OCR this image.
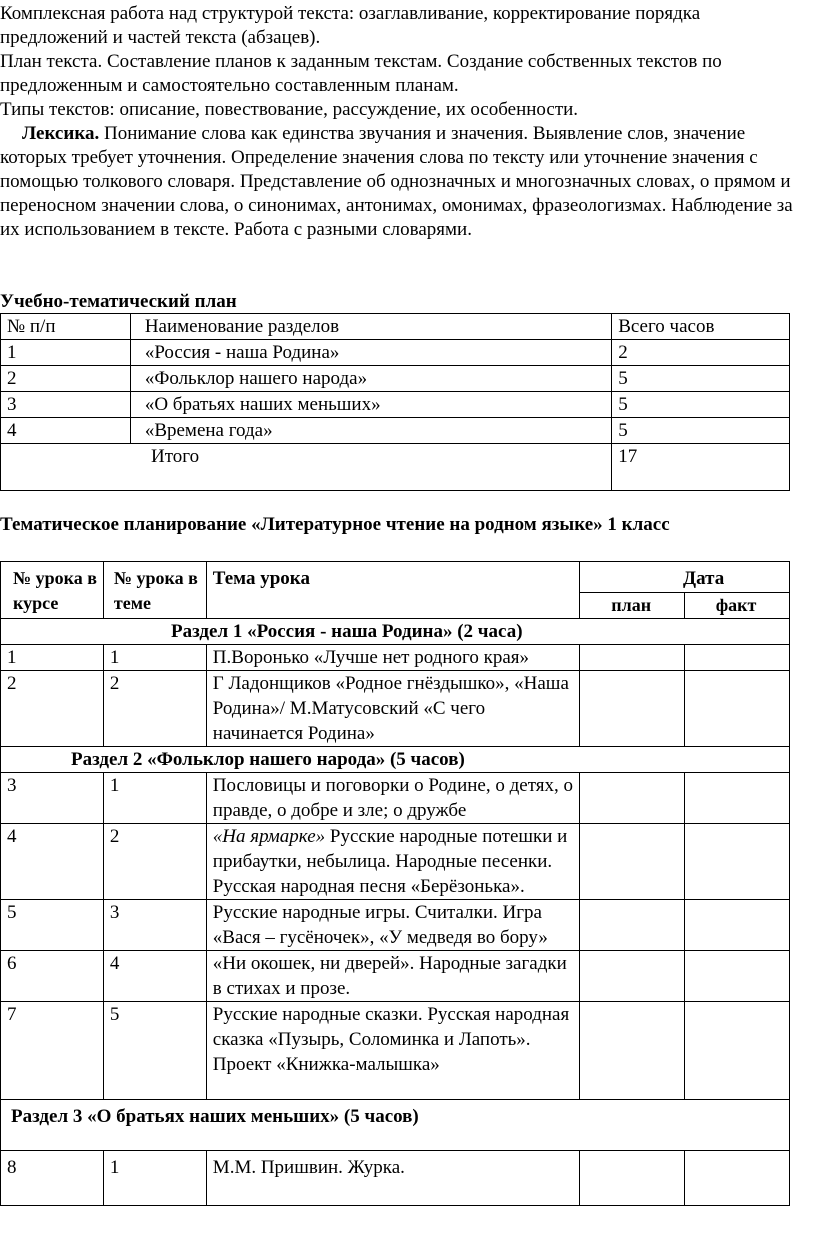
Комплексная работа над структурой текста: озаглавливание, корректирование порядка предложений и частей текста (абзацев).

План текста. Составление планов к заданным текстам. Создание собственных текстов по предложенным и самостоятельно составленным планам.

Типы текстов: описание, повествование, рассуждение, их особенности.

Лексика. Понимание слова как единства звучания и значения. Выявление слов, значение которых требует уточнения. Определение значения слова по тексту или уточнение значения с помощью толкового словаря. Представление об однозначных и многозначных словах, о прямом и переносном значении слова, о синонимах, антонимах, омонимах, фразеологизмах. Наблюдение за их использованием в тексте. Работа с разными словарями.

Учебно-тематический план

№ п/п	Наименование разделов	Всего часов
1	«Россия - наша Родина»	2
2	«Фольклор нашего народа»	5
3	«О братьях наших меньших»	5
4	«Времена года»	5
Итого		17

Тематическое планирование «Литературное чтение на родном языке» 1 класс

№ урока в курсе	№ урока в теме	Тема урока	Дата	
			план	факт
Раздел 1 «Россия - наша Родина» (2 часа)				
1	1	П.Воронько «Лучше нет родного края»		
2	2	Г Ладонщиков «Родное гнёздышко», «Наша Родина»/ М.Матусовский «С чего начинается Родина»		
Раздел 2 «Фольклор нашего народа» (5 часов)				
3	1	Пословицы и поговорки о Родине, о детях, о правде, о добре и зле; о дружбе		
4	2	«На ярмарке» Русские народные потешки и прибаутки, небылица. Народные песенки. Русская народная песня «Берёзонька».		
5	3	Русские народные игры. Считалки. Игра «Вася – гусёночек», «У медведя во бору»		
6	4	«Ни окошек, ни дверей». Народные загадки в стихах и прозе.		
7	5	Русские народные сказки. Русская народная сказка «Пузырь, Соломинка и Лапоть». Проект «Книжка-малышка»		
Раздел 3 «О братьях наших меньших» (5 часов)				
8	1	М.М. Пришвин. Журка.		
